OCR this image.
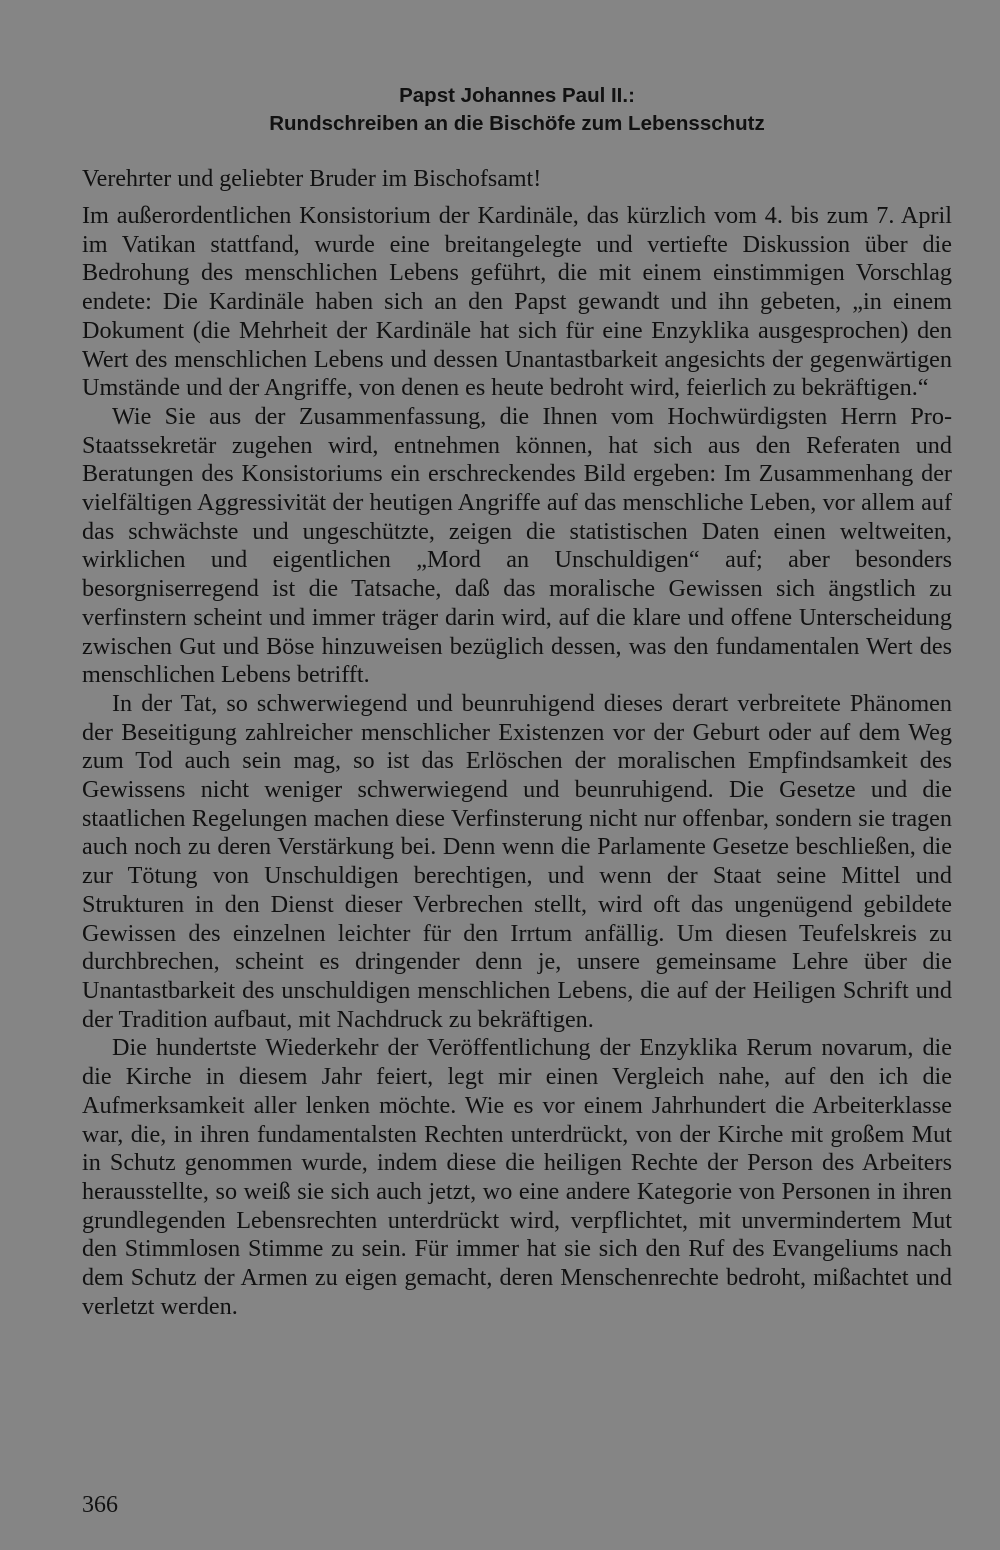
Papst Johannes Paul II.:
Rundschreiben an die Bischöfe zum Lebensschutz

Verehrter und geliebter Bruder im Bischofsamt!

Im außerordentlichen Konsistorium der Kardinäle, das kürzlich vom 4. bis zum 7. April im Vatikan stattfand, wurde eine breitangelegte und vertiefte Diskussion über die Bedrohung des menschlichen Lebens geführt, die mit einem einstimmigen Vorschlag endete: Die Kardinäle haben sich an den Papst gewandt und ihn gebeten, „in einem Dokument (die Mehrheit der Kardinäle hat sich für eine Enzyklika ausgesprochen) den Wert des menschlichen Lebens und dessen Unantastbarkeit angesichts der gegenwärtigen Umstände und der Angriffe, von denen es heute bedroht wird, feierlich zu bekräftigen.“

Wie Sie aus der Zusammenfassung, die Ihnen vom Hochwürdigsten Herrn Pro-Staatssekretär zugehen wird, entnehmen können, hat sich aus den Referaten und Beratungen des Konsistoriums ein erschreckendes Bild ergeben: Im Zusammenhang der vielfältigen Aggressivität der heutigen Angriffe auf das menschliche Leben, vor allem auf das schwächste und ungeschützte, zeigen die statistischen Daten einen weltweiten, wirklichen und eigentlichen „Mord an Unschuldigen“ auf; aber besonders besorgniserregend ist die Tatsache, daß das moralische Gewissen sich ängstlich zu verfinstern scheint und immer träger darin wird, auf die klare und offene Unterscheidung zwischen Gut und Böse hinzuweisen bezüglich dessen, was den fundamentalen Wert des menschlichen Lebens betrifft.

In der Tat, so schwerwiegend und beunruhigend dieses derart verbreitete Phänomen der Beseitigung zahlreicher menschlicher Existenzen vor der Geburt oder auf dem Weg zum Tod auch sein mag, so ist das Erlöschen der moralischen Empfindsamkeit des Gewissens nicht weniger schwerwiegend und beunruhigend. Die Gesetze und die staatlichen Regelungen machen diese Verfinsterung nicht nur offenbar, sondern sie tragen auch noch zu deren Verstärkung bei. Denn wenn die Parlamente Gesetze beschließen, die zur Tötung von Unschuldigen berechtigen, und wenn der Staat seine Mittel und Strukturen in den Dienst dieser Verbrechen stellt, wird oft das ungenügend gebildete Gewissen des einzelnen leichter für den Irrtum anfällig. Um diesen Teufelskreis zu durchbrechen, scheint es dringender denn je, unsere gemeinsame Lehre über die Unantastbarkeit des unschuldigen menschlichen Lebens, die auf der Heiligen Schrift und der Tradition aufbaut, mit Nachdruck zu bekräftigen.

Die hundertste Wiederkehr der Veröffentlichung der Enzyklika Rerum novarum, die die Kirche in diesem Jahr feiert, legt mir einen Vergleich nahe, auf den ich die Aufmerksamkeit aller lenken möchte. Wie es vor einem Jahrhundert die Arbeiterklasse war, die, in ihren fundamentalsten Rechten unterdrückt, von der Kirche mit großem Mut in Schutz genommen wurde, indem diese die heiligen Rechte der Person des Arbeiters herausstellte, so weiß sie sich auch jetzt, wo eine andere Kategorie von Personen in ihren grundlegenden Lebensrechten unterdrückt wird, verpflichtet, mit unvermindertem Mut den Stimmlosen Stimme zu sein. Für immer hat sie sich den Ruf des Evangeliums nach dem Schutz der Armen zu eigen gemacht, deren Menschenrechte bedroht, mißachtet und verletzt werden.

366
